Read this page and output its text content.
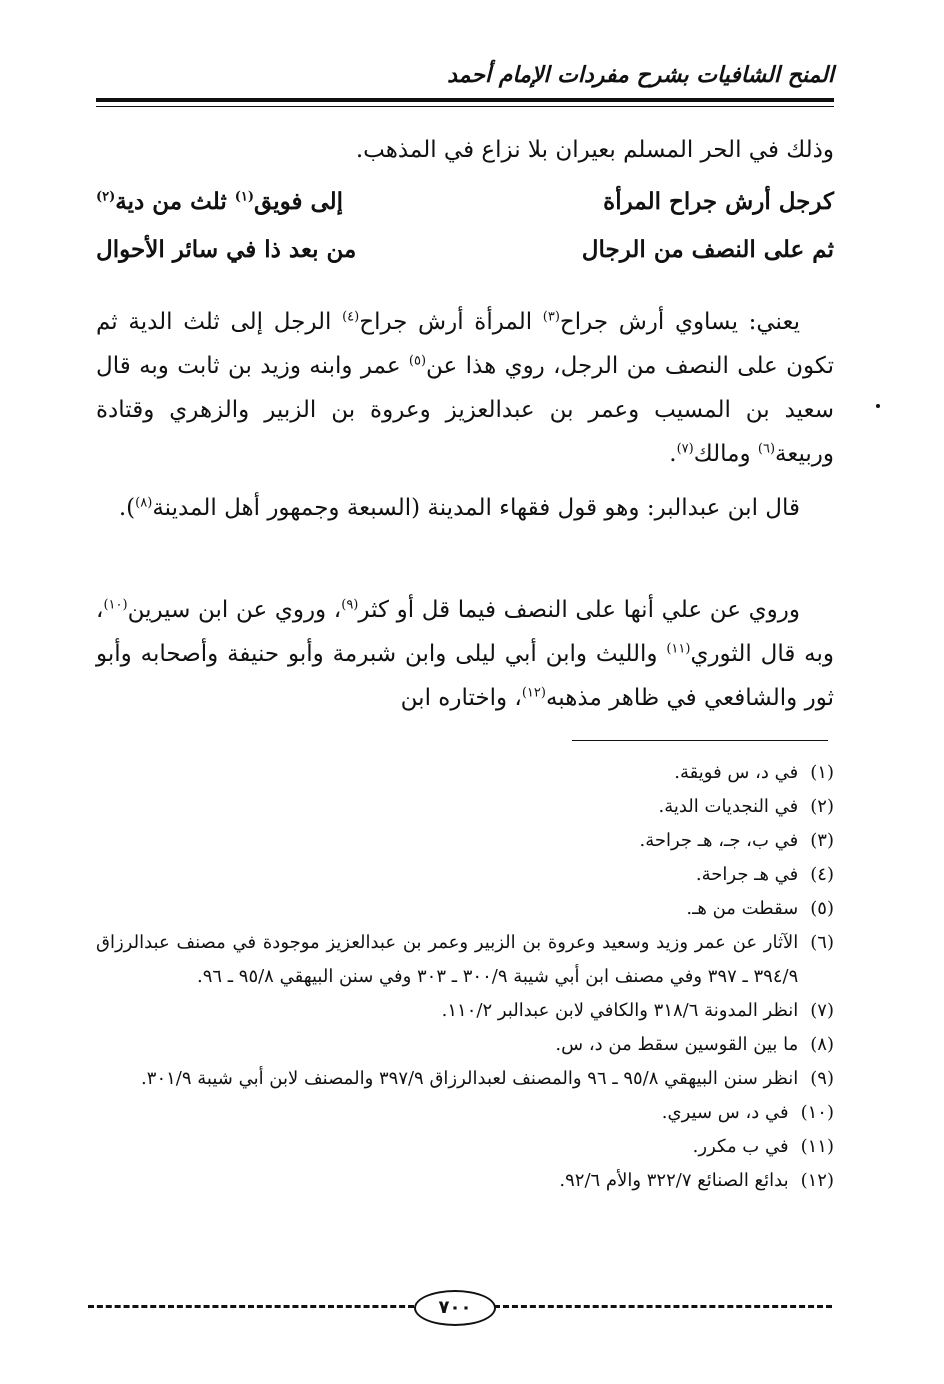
المنح الشافيات بشرح مفردات الإمام أحمد
وذلك في الحر المسلم بعيران بلا نزاع في المذهب.
كرجل أرش جراح المرأة
إلى فويق$^{(١)}$ ثلث من دية$^{(٢)}$
ثم على النصف من الرجال
من بعد ذا في سائر الأحوال
يعني: يساوي أرش جراح$^{(٣)}$ المرأة أرش جراح$^{(٤)}$ الرجل إلى ثلث الدية ثم تكون على النصف من الرجل، روي هذا عن$^{(٥)}$ عمر وابنه وزيد بن ثابت وبه قال سعيد بن المسيب وعمر بن عبدالعزيز وعروة بن الزبير والزهري وقتادة وربيعة$^{(٦)}$ ومالك$^{(٧)}$.
قال ابن عبدالبر: وهو قول فقهاء المدينة (السبعة وجمهور أهل المدينة$^{(٨)}$).
وروي عن علي أنها على النصف فيما قل أو كثر$^{(٩)}$، وروي عن ابن سيرين$^{(١٠)}$، وبه قال الثوري$^{(١١)}$ والليث وابن أبي ليلى وابن شبرمة وأبو حنيفة وأصحابه وأبو ثور والشافعي في ظاهر مذهبه$^{(١٢)}$، واختاره ابن
(١)
في د، س فويقة.
(٢)
في النجديات الدية.
(٣)
في ب، جـ، هـ جراحة.
(٤)
في هـ جراحة.
(٥)
سقطت من هـ.
(٦)
الآثار عن عمر وزيد وسعيد وعروة بن الزبير وعمر بن عبدالعزيز موجودة في مصنف عبدالرزاق ٣٩٤/٩ ـ ٣٩٧ وفي مصنف ابن أبي شيبة ٣٠٠/٩ ـ ٣٠٣ وفي سنن البيهقي ٩٥/٨ ـ ٩٦.
(٧)
انظر المدونة ٣١٨/٦ والكافي لابن عبدالبر ١١٠/٢.
(٨)
ما بين القوسين سقط من د، س.
(٩)
انظر سنن البيهقي ٩٥/٨ ـ ٩٦ والمصنف لعبدالرزاق ٣٩٧/٩ والمصنف لابن أبي شيبة ٣٠١/٩.
(١٠)
في د، س سيري.
(١١)
في ب مكرر.
(١٢)
بدائع الصنائع ٣٢٢/٧ والأم ٩٢/٦.
٧٠٠
